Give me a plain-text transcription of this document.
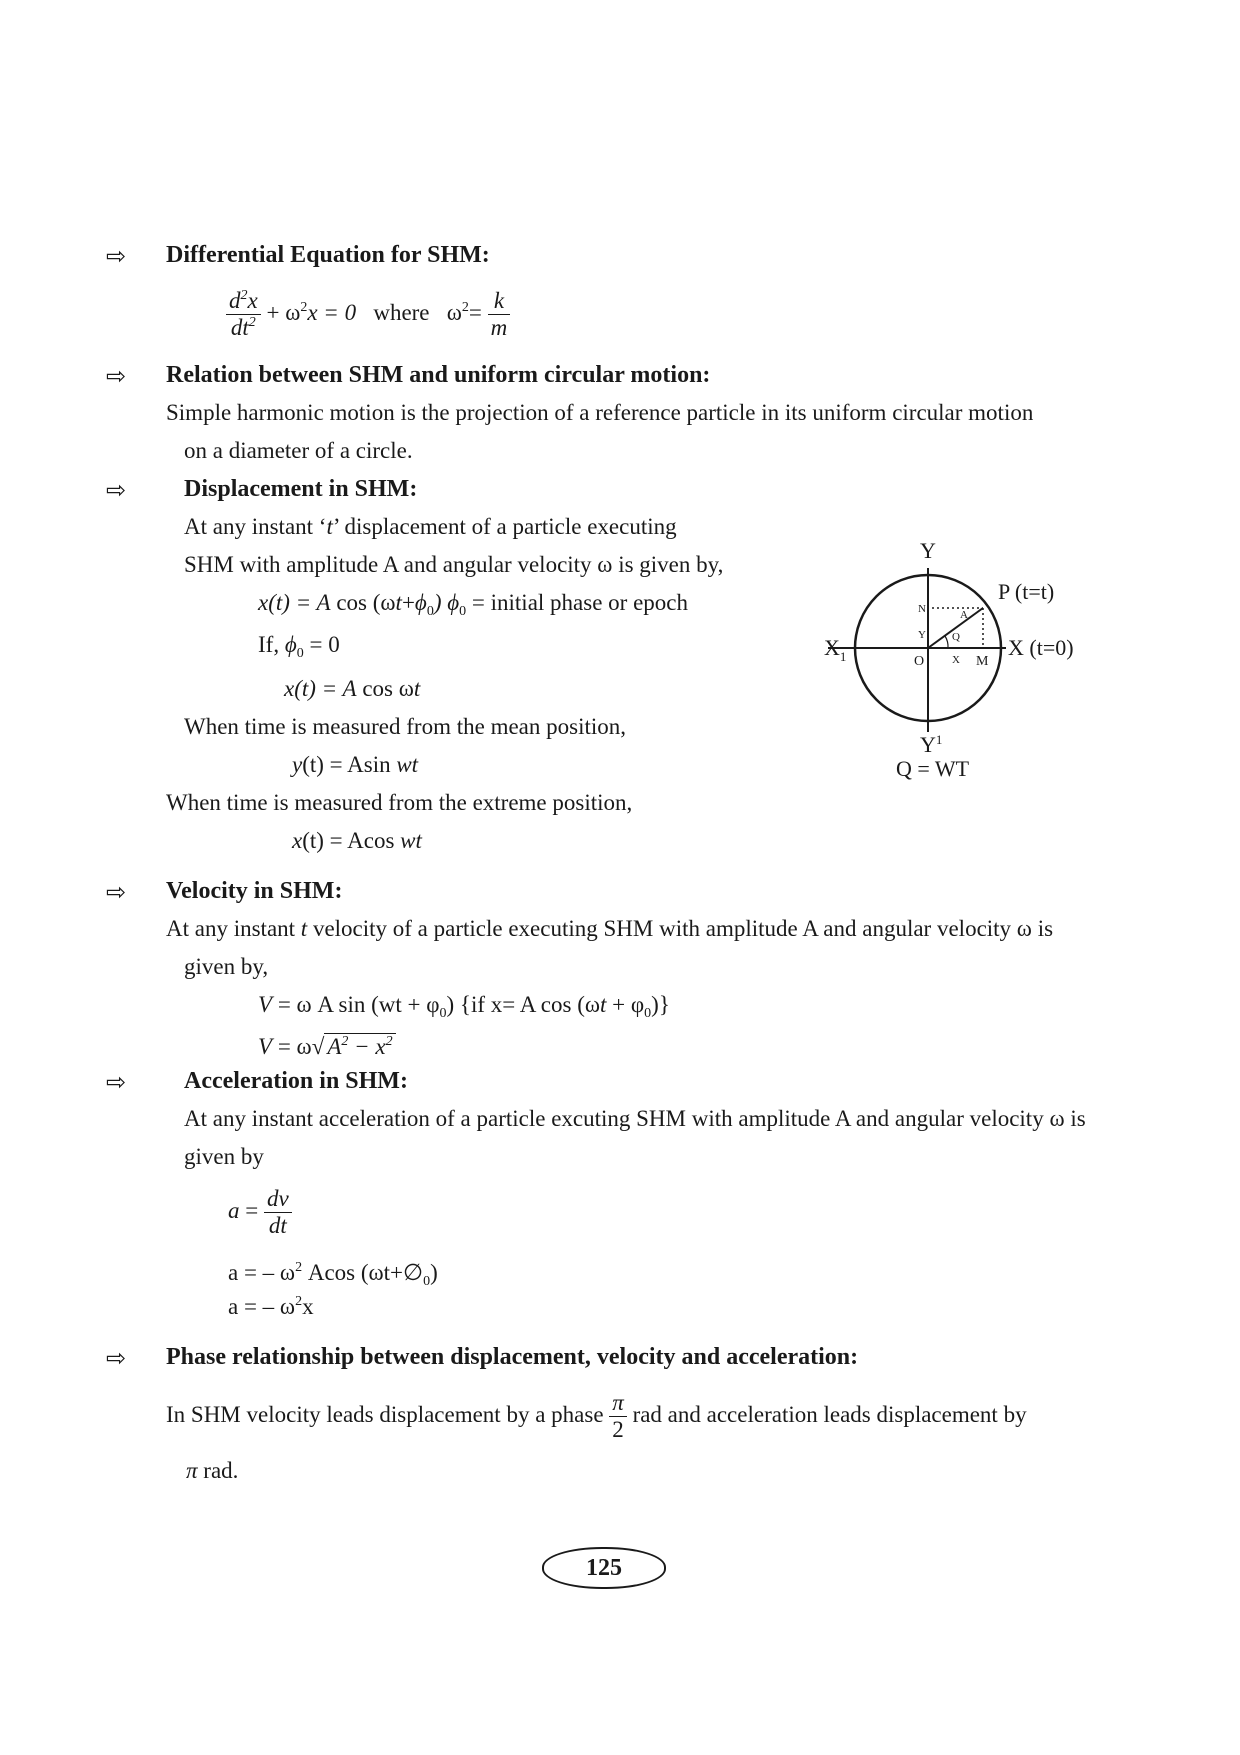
⇨ Differential Equation for SHM:
$\frac{d^2x}{dt^2} + \omega^2x = 0$ where $\omega^2= \frac{k}{m}$
⇨ Relation between SHM and uniform circular motion:
Simple harmonic motion is the projection of a reference particle in its uniform circular motion
on a diameter of a circle.
⇨ Displacement in SHM:
At any instant ‘t’ displacement of a particle executing
SHM with amplitude A and angular velocity ω is given by,
x(t) = A $\cos (\omega t+\phi_0) \phi_0$ = initial phase or epoch
If, $\phi_0 = 0$
x(t) = A cos ωt
When time is measured from the mean position,
y(t) = Asin wt
When time is measured from the extreme position,
x(t) = Acos wt
Y
$Y^1$
$X_1$	X (t=0)
P (t=t)
N	A
Y Q
O	X M
Q = WT
⇨ Velocity in SHM:
At any instant t velocity of a particle executing SHM with amplitude A and angular velocity ω is
given by,
V = ω A $\sin (wt + \varphi_0)$ {if x= A $\cos (\omega t + \varphi_0)$}
V = ω√ $A^2 - x^2$
⇨ Acceleration in SHM:
At any instant acceleration of a particle excuting SHM with amplitude A and angular velocity ω is
given by
$a = \frac{dv}{dt}$
a = – $\omega^2$ Acos $(\omega t+\emptyset_0)$
a = – $\omega^2x$
⇨ Phase relationship between displacement, velocity and acceleration:
In SHM velocity leads displacement by a phase $\frac{\pi}{2}$ rad and acceleration leads displacement by
π rad.
125
